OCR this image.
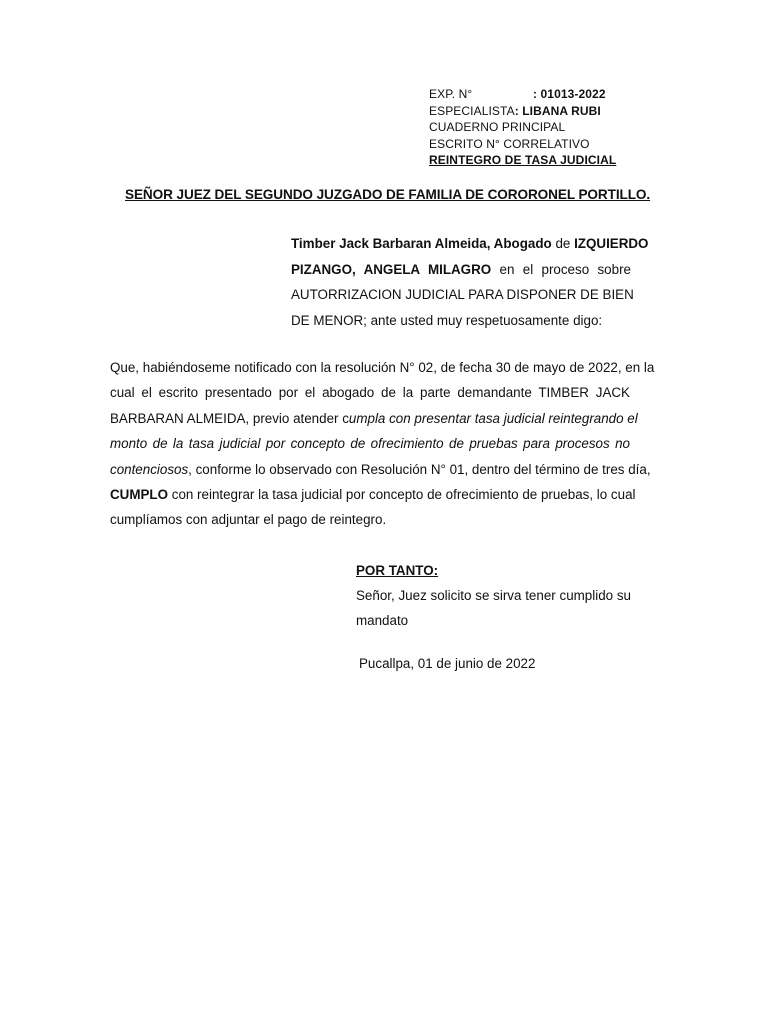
EXP. N°	: 01013-2022
ESPECIALISTA: LIBANA RUBI
CUADERNO PRINCIPAL
ESCRITO N° CORRELATIVO
REINTEGRO DE TASA JUDICIAL
SEÑOR JUEZ DEL SEGUNDO JUZGADO DE FAMILIA DE CORORONEL PORTILLO.
Timber Jack Barbaran Almeida, Abogado de IZQUIERDO
PIZANGO, ANGELA MILAGRO en el proceso sobre
AUTORRIZACION JUDICIAL PARA DISPONER DE BIEN
DE MENOR; ante usted muy respetuosamente digo:
Que, habiéndoseme notificado con la resolución N° 02, de fecha 30 de mayo de 2022, en la
cual el escrito presentado por el abogado de la parte demandante TIMBER JACK
BARBARAN ALMEIDA, previo atender cumpla con presentar tasa judicial reintegrando el
monto de la tasa judicial por concepto de ofrecimiento de pruebas para procesos no
contenciosos, conforme lo observado con Resolución N° 01, dentro del término de tres día,
CUMPLO con reintegrar la tasa judicial por concepto de ofrecimiento de pruebas, lo cual
cumplíamos con adjuntar el pago de reintegro.
POR TANTO:
Señor, Juez solicito se sirva tener cumplido su
mandato
Pucallpa, 01 de junio de 2022
